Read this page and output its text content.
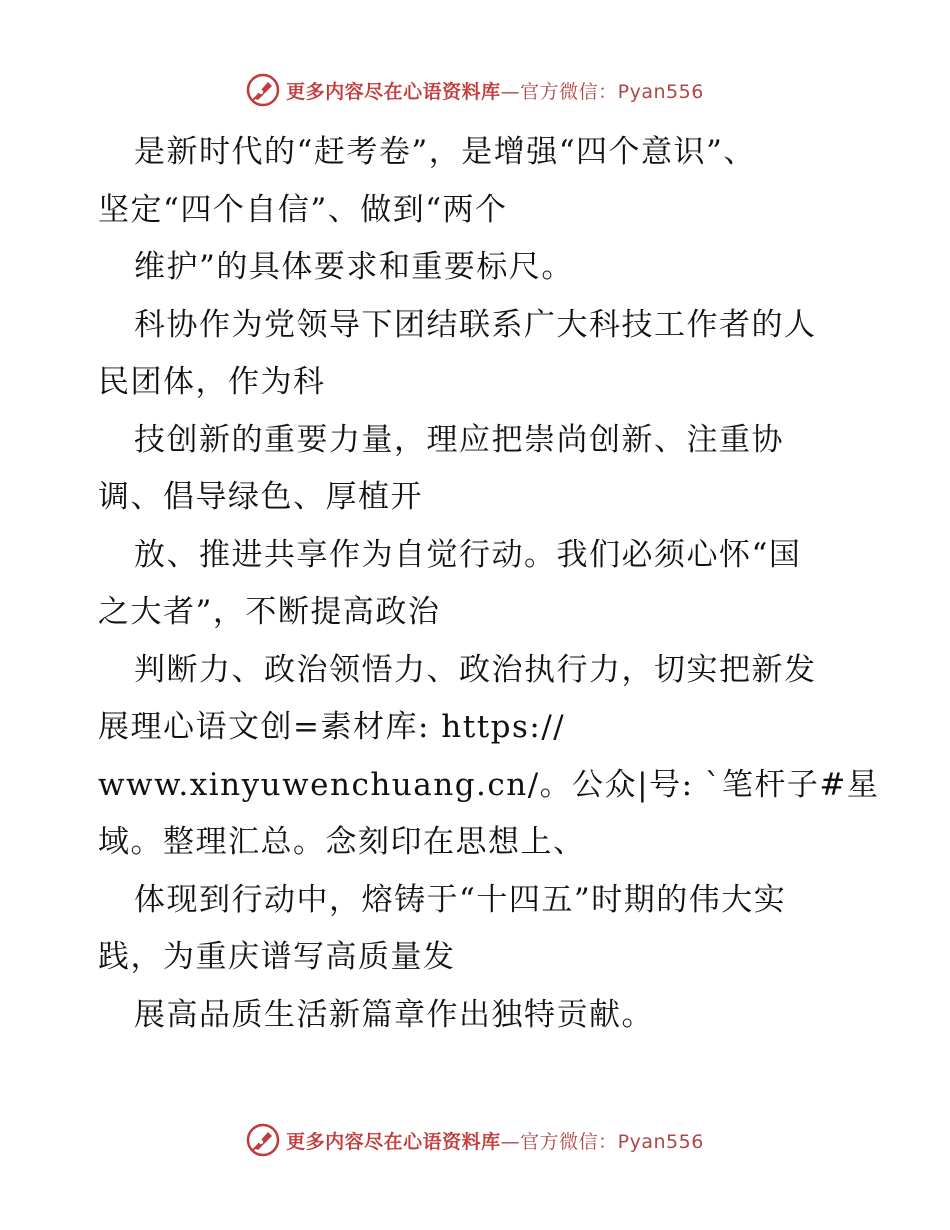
更多内容尽在心语资料库 —官方微信：Pyan556

是新时代的“赶考卷”，是增强“四个意识”、

坚定“四个自信”、做到“两个

维护”的具体要求和重要标尺。

科协作为党领导下团结联系广大科技工作者的人

民团体，作为科

技创新的重要力量，理应把崇尚创新、注重协

调、倡导绿色、厚植开

放、推进共享作为自觉行动。我们必须心怀“国

之大者”，不断提高政治

判断力、政治领悟力、政治执行力，切实把新发

展理心语文创=素材库: https://

www.xinyuwenchuang.cn/。公众|号: `笔杆子#星

域。整理汇总。念刻印在思想上、

体现到行动中，熔铸于“十四五”时期的伟大实

践，为重庆谱写高质量发

展高品质生活新篇章作出独特贡献。

更多内容尽在心语资料库 —官方微信：Pyan556
